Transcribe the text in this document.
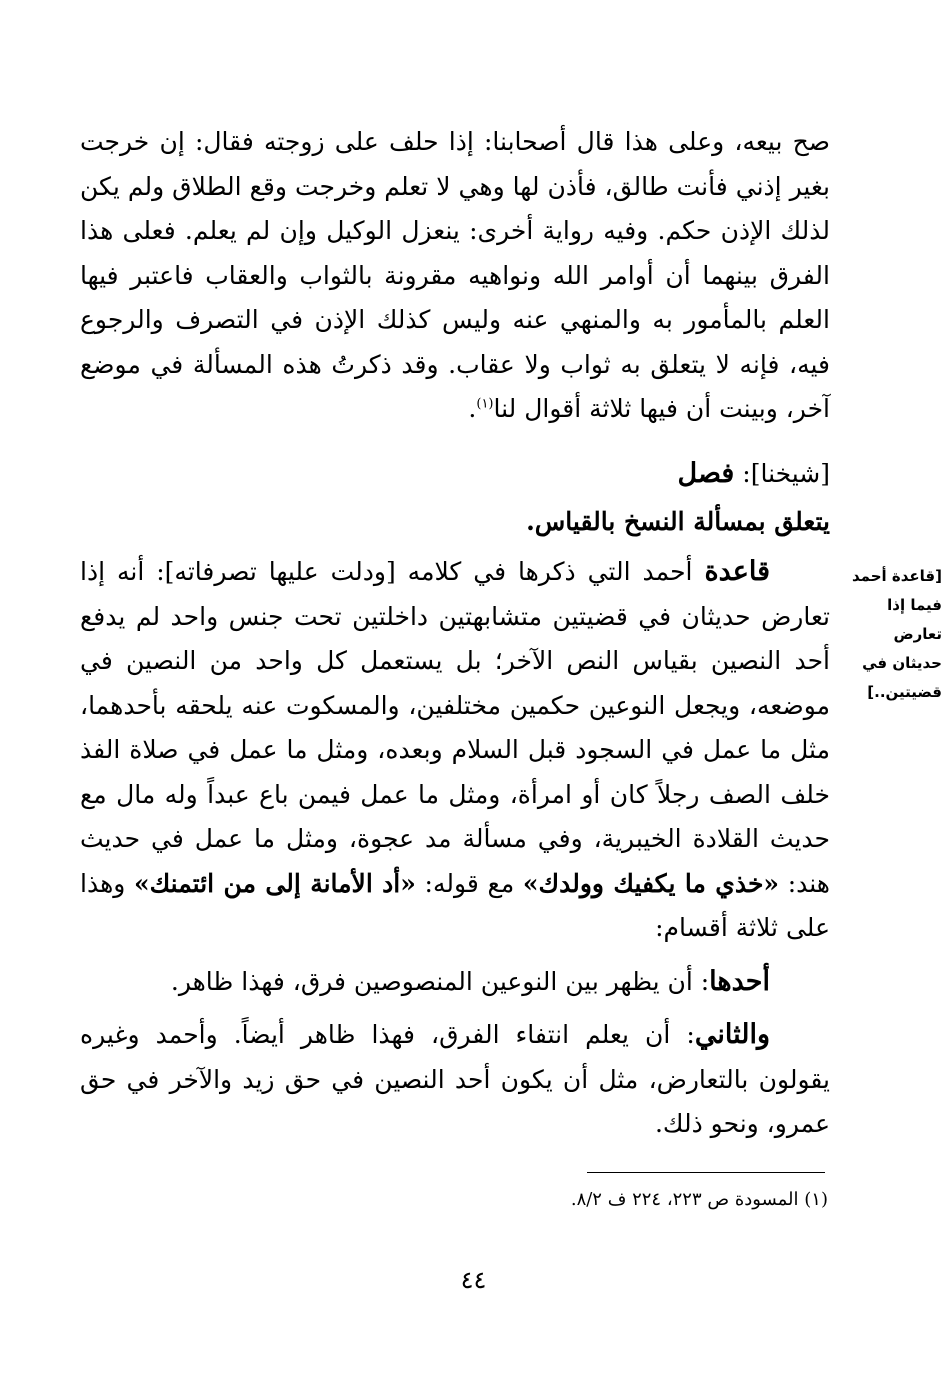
صح بيعه، وعلى هذا قال أصحابنا: إذا حلف على زوجته فقال: إن خرجت بغير إذني فأنت طالق، فأذن لها وهي لا تعلم وخرجت وقع الطلاق ولم يكن لذلك الإذن حكم. وفيه رواية أخرى: ينعزل الوكيل وإن لم يعلم. فعلى هذا الفرق بينهما أن أوامر الله ونواهيه مقرونة بالثواب والعقاب فاعتبر فيها العلم بالمأمور به والمنهي عنه وليس كذلك الإذن في التصرف والرجوع فيه، فإنه لا يتعلق به ثواب ولا عقاب. وقد ذكرتُ هذه المسألة في موضع آخر، وبينت أن فيها ثلاثة أقوال لنا$^{(١)}$.

[شيخنا]: فصل
يتعلق بمسألة النسخ بالقياس.

قاعدة أحمد التي ذكرها في كلامه [ودلت عليها تصرفاته]: أنه إذا تعارض حديثان في قضيتين متشابهتين داخلتين تحت جنس واحد لم يدفع أحد النصين بقياس النص الآخر؛ بل يستعمل كل واحد من النصين في موضعه، ويجعل النوعين حكمين مختلفين، والمسكوت عنه يلحقه بأحدهما، مثل ما عمل في السجود قبل السلام وبعده، ومثل ما عمل في صلاة الفذ خلف الصف رجلاً كان أو امرأة، ومثل ما عمل فيمن باع عبداً وله مال مع حديث القلادة الخيبرية، وفي مسألة مد عجوة، ومثل ما عمل في حديث هند: «خذي ما يكفيك وولدك» مع قوله: «أد الأمانة إلى من ائتمنك» وهذا على ثلاثة أقسام:

[قاعدة أحمد
فيما إذا
تعارض
حديثان في
قضيتين..]

أحدها: أن يظهر بين النوعين المنصوصين فرق، فهذا ظاهر.

والثاني: أن يعلم انتفاء الفرق، فهذا ظاهر أيضاً. وأحمد وغيره يقولون بالتعارض، مثل أن يكون أحد النصين في حق زيد والآخر في حق عمرو، ونحو ذلك.

(١) المسودة ص ٢٢٣، ٢٢٤ ف ٨/٢.
٤٤
